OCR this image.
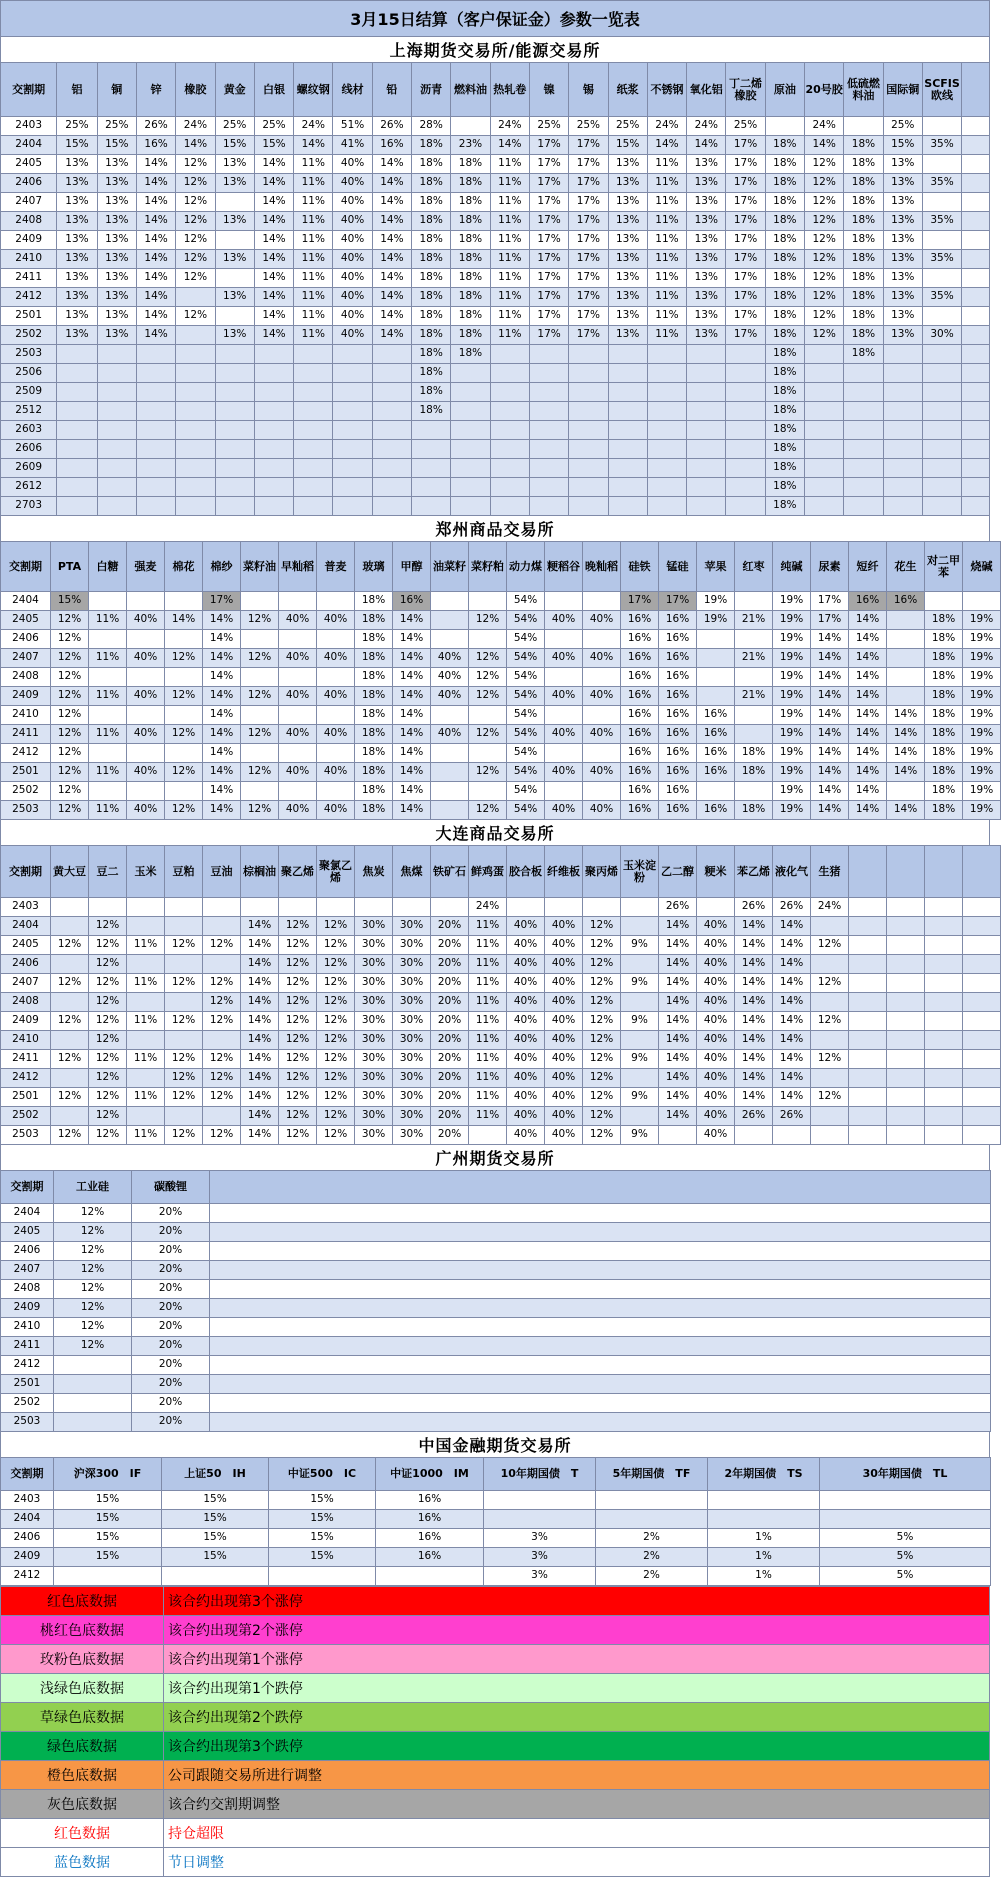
3月15日结算（客户保证金）参数一览表
上海期货交易所/能源交易所
交割期	铝	铜	锌	橡胶	黄金	白银	螺纹钢	线材	铅	沥青	燃料油	热轧卷	镍	锡	纸浆	不锈钢	氧化铝	丁二烯橡胶	原油	20号胶	低硫燃料油	国际铜	SCFIS欧线	
2403	25%	25%	26%	24%	25%	25%	24%	51%	26%	28%		24%	25%	25%	25%	24%	24%	25%		24%		25%		
2404	15%	15%	16%	14%	15%	15%	14%	41%	16%	18%	23%	14%	17%	17%	15%	14%	14%	17%	18%	14%	18%	15%	35%	
2405	13%	13%	14%	12%	13%	14%	11%	40%	14%	18%	18%	11%	17%	17%	13%	11%	13%	17%	18%	12%	18%	13%		
2406	13%	13%	14%	12%	13%	14%	11%	40%	14%	18%	18%	11%	17%	17%	13%	11%	13%	17%	18%	12%	18%	13%	35%	
2407	13%	13%	14%	12%		14%	11%	40%	14%	18%	18%	11%	17%	17%	13%	11%	13%	17%	18%	12%	18%	13%		
2408	13%	13%	14%	12%	13%	14%	11%	40%	14%	18%	18%	11%	17%	17%	13%	11%	13%	17%	18%	12%	18%	13%	35%	
2409	13%	13%	14%	12%		14%	11%	40%	14%	18%	18%	11%	17%	17%	13%	11%	13%	17%	18%	12%	18%	13%		
2410	13%	13%	14%	12%	13%	14%	11%	40%	14%	18%	18%	11%	17%	17%	13%	11%	13%	17%	18%	12%	18%	13%	35%	
2411	13%	13%	14%	12%		14%	11%	40%	14%	18%	18%	11%	17%	17%	13%	11%	13%	17%	18%	12%	18%	13%		
2412	13%	13%	14%		13%	14%	11%	40%	14%	18%	18%	11%	17%	17%	13%	11%	13%	17%	18%	12%	18%	13%	35%	
2501	13%	13%	14%	12%		14%	11%	40%	14%	18%	18%	11%	17%	17%	13%	11%	13%	17%	18%	12%	18%	13%		
2502	13%	13%	14%		13%	14%	11%	40%	14%	18%	18%	11%	17%	17%	13%	11%	13%	17%	18%	12%	18%	13%	30%	
2503										18%	18%								18%		18%			
2506										18%									18%					
2509										18%									18%					
2512										18%									18%					
2603																			18%					
2606																			18%					
2609																			18%					
2612																			18%					
2703																			18%					
郑州商品交易所
交割期	PTA	白糖	强麦	棉花	棉纱	菜籽油	早籼稻	普麦	玻璃	甲醇	油菜籽	菜籽粕	动力煤	粳稻谷	晚籼稻	硅铁	锰硅	苹果	红枣	纯碱	尿素	短纤	花生	对二甲苯	烧碱
2404	15%				17%				18%	16%			54%			17%	17%	19%		19%	17%	16%	16%		
2405	12%	11%	40%	14%	14%	12%	40%	40%	18%	14%		12%	54%	40%	40%	16%	16%	19%	21%	19%	17%	14%		18%	19%
2406	12%				14%				18%	14%			54%			16%	16%			19%	14%	14%		18%	19%
2407	12%	11%	40%	12%	14%	12%	40%	40%	18%	14%	40%	12%	54%	40%	40%	16%	16%		21%	19%	14%	14%		18%	19%
2408	12%				14%				18%	14%	40%	12%	54%			16%	16%			19%	14%	14%		18%	19%
2409	12%	11%	40%	12%	14%	12%	40%	40%	18%	14%	40%	12%	54%	40%	40%	16%	16%		21%	19%	14%	14%		18%	19%
2410	12%				14%				18%	14%			54%			16%	16%	16%		19%	14%	14%	14%	18%	19%
2411	12%	11%	40%	12%	14%	12%	40%	40%	18%	14%	40%	12%	54%	40%	40%	16%	16%	16%		19%	14%	14%	14%	18%	19%
2412	12%				14%				18%	14%			54%			16%	16%	16%	18%	19%	14%	14%	14%	18%	19%
2501	12%	11%	40%	12%	14%	12%	40%	40%	18%	14%		12%	54%	40%	40%	16%	16%	16%	18%	19%	14%	14%	14%	18%	19%
2502	12%				14%				18%	14%			54%			16%	16%			19%	14%	14%		18%	19%
2503	12%	11%	40%	12%	14%	12%	40%	40%	18%	14%		12%	54%	40%	40%	16%	16%	16%	18%	19%	14%	14%	14%	18%	19%
大连商品交易所
交割期	黄大豆	豆二	玉米	豆粕	豆油	棕榈油	聚乙烯	聚氯乙烯	焦炭	焦煤	铁矿石	鲜鸡蛋	胶合板	纤维板	聚丙烯	玉米淀粉	乙二醇	粳米	苯乙烯	液化气	生猪				
2403												24%					26%		26%	26%	24%				
2404		12%				14%	12%	12%	30%	30%	20%	11%	40%	40%	12%		14%	40%	14%	14%					
2405	12%	12%	11%	12%	12%	14%	12%	12%	30%	30%	20%	11%	40%	40%	12%	9%	14%	40%	14%	14%	12%				
2406		12%				14%	12%	12%	30%	30%	20%	11%	40%	40%	12%		14%	40%	14%	14%					
2407	12%	12%	11%	12%	12%	14%	12%	12%	30%	30%	20%	11%	40%	40%	12%	9%	14%	40%	14%	14%	12%				
2408		12%			12%	14%	12%	12%	30%	30%	20%	11%	40%	40%	12%		14%	40%	14%	14%					
2409	12%	12%	11%	12%	12%	14%	12%	12%	30%	30%	20%	11%	40%	40%	12%	9%	14%	40%	14%	14%	12%				
2410		12%				14%	12%	12%	30%	30%	20%	11%	40%	40%	12%		14%	40%	14%	14%					
2411	12%	12%	11%	12%	12%	14%	12%	12%	30%	30%	20%	11%	40%	40%	12%	9%	14%	40%	14%	14%	12%				
2412		12%		12%	12%	14%	12%	12%	30%	30%	20%	11%	40%	40%	12%		14%	40%	14%	14%					
2501	12%	12%	11%	12%	12%	14%	12%	12%	30%	30%	20%	11%	40%	40%	12%	9%	14%	40%	14%	14%	12%				
2502		12%				14%	12%	12%	30%	30%	20%	11%	40%	40%	12%		14%	40%	26%	26%					
2503	12%	12%	11%	12%	12%	14%	12%	12%	30%	30%	20%		40%	40%	12%	9%		40%							
广州期货交易所
交割期	工业硅	碳酸锂	
2404	12%	20%	
2405	12%	20%	
2406	12%	20%	
2407	12%	20%	
2408	12%	20%	
2409	12%	20%	
2410	12%	20%	
2411	12%	20%	
2412		20%	
2501		20%	
2502		20%	
2503		20%	
中国金融期货交易所
交割期	沪深300　IF	上证50　IH	中证500　IC	中证1000　IM	10年期国债　T	5年期国债　TF	2年期国债　TS	30年期国债　TL
2403	15%	15%	15%	16%				
2404	15%	15%	15%	16%				
2406	15%	15%	15%	16%	3%	2%	1%	5%
2409	15%	15%	15%	16%	3%	2%	1%	5%
2412					3%	2%	1%	5%
红色底数据	该合约出现第3个涨停
桃红色底数据	该合约出现第2个涨停
玫粉色底数据	该合约出现第1个涨停
浅绿色底数据	该合约出现第1个跌停
草绿色底数据	该合约出现第2个跌停
绿色底数据	该合约出现第3个跌停
橙色底数据	公司跟随交易所进行调整
灰色底数据	该合约交割期调整
红色数据	持仓超限
蓝色数据	节日调整
